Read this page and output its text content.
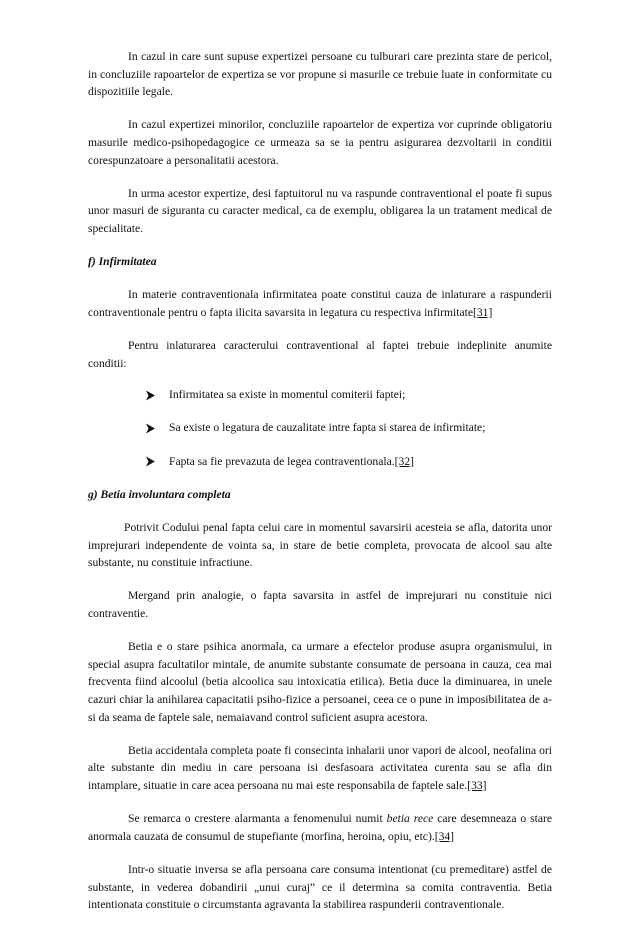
In cazul in care sunt supuse expertizei persoane cu tulburari care prezinta stare de pericol, in concluziile rapoartelor de expertiza se vor propune si masurile ce trebuie luate in conformitate cu dispozitiile legale.

In cazul expertizei minorilor, concluziile rapoartelor de expertiza vor cuprinde obligatoriu masurile medico-psihopedagogice ce urmeaza sa se ia pentru asigurarea dezvoltarii in conditii corespunzatoare a personalitatii acestora.

In urma acestor expertize, desi faptuitorul nu va raspunde contraventional el poate fi supus unor masuri de siguranta cu caracter medical, ca de exemplu, obligarea la un tratament medical de specialitate.

f) Infirmitatea

In materie contraventionala infirmitatea poate constitui cauza de inlaturare a raspunderii contraventionale pentru o fapta ilicita savarsita in legatura cu respectiva infirmitate[31]

Pentru inlaturarea caracterului contraventional al faptei trebuie indeplinite anumite conditii:

Infirmitatea sa existe in momentul comiterii faptei;
Sa existe o legatura de cauzalitate intre fapta si starea de infirmitate;
Fapta sa fie prevazuta de legea contraventionala.[32]
g) Betia involuntara completa

Potrivit Codului penal fapta celui care in momentul savarsirii acesteia se afla, datorita unor imprejurari independente de vointa sa, in stare de betie completa, provocata de alcool sau alte substante, nu constituie infractiune.

Mergand prin analogie, o fapta savarsita in astfel de imprejurari nu constituie nici contraventie.

Betia e o stare psihica anormala, ca urmare a efectelor produse asupra organismului, in special asupra facultatilor mintale, de anumite substante consumate de persoana in cauza, cea mai frecventa fiind alcoolul (betia alcoolica sau intoxicatia etilica). Betia duce la diminuarea, in unele cazuri chiar la anihilarea capacitatii psiho-fizice a persoanei, ceea ce o pune in imposibilitatea de a-si da seama de faptele sale, nemaiavand control suficient asupra acestora.

Betia accidentala completa poate fi consecinta inhalarii unor vapori de alcool, neofalina ori alte substante din mediu in care persoana isi desfasoara activitatea curenta sau se afla din intamplare, situatie in care acea persoana nu mai este responsabila de faptele sale.[33]

Se remarca o crestere alarmanta a fenomenului numit betia rece care desemneaza o stare anormala cauzata de consumul de stupefiante (morfina, heroina, opiu, etc).[34]

Intr-o situatie inversa se afla persoana care consuma intentionat (cu premeditare) astfel de substante, in vederea dobandirii „unui curaj” ce il determina sa comita contraventia. Betia intentionata constituie o circumstanta agravanta la stabilirea raspunderii contraventionale.
